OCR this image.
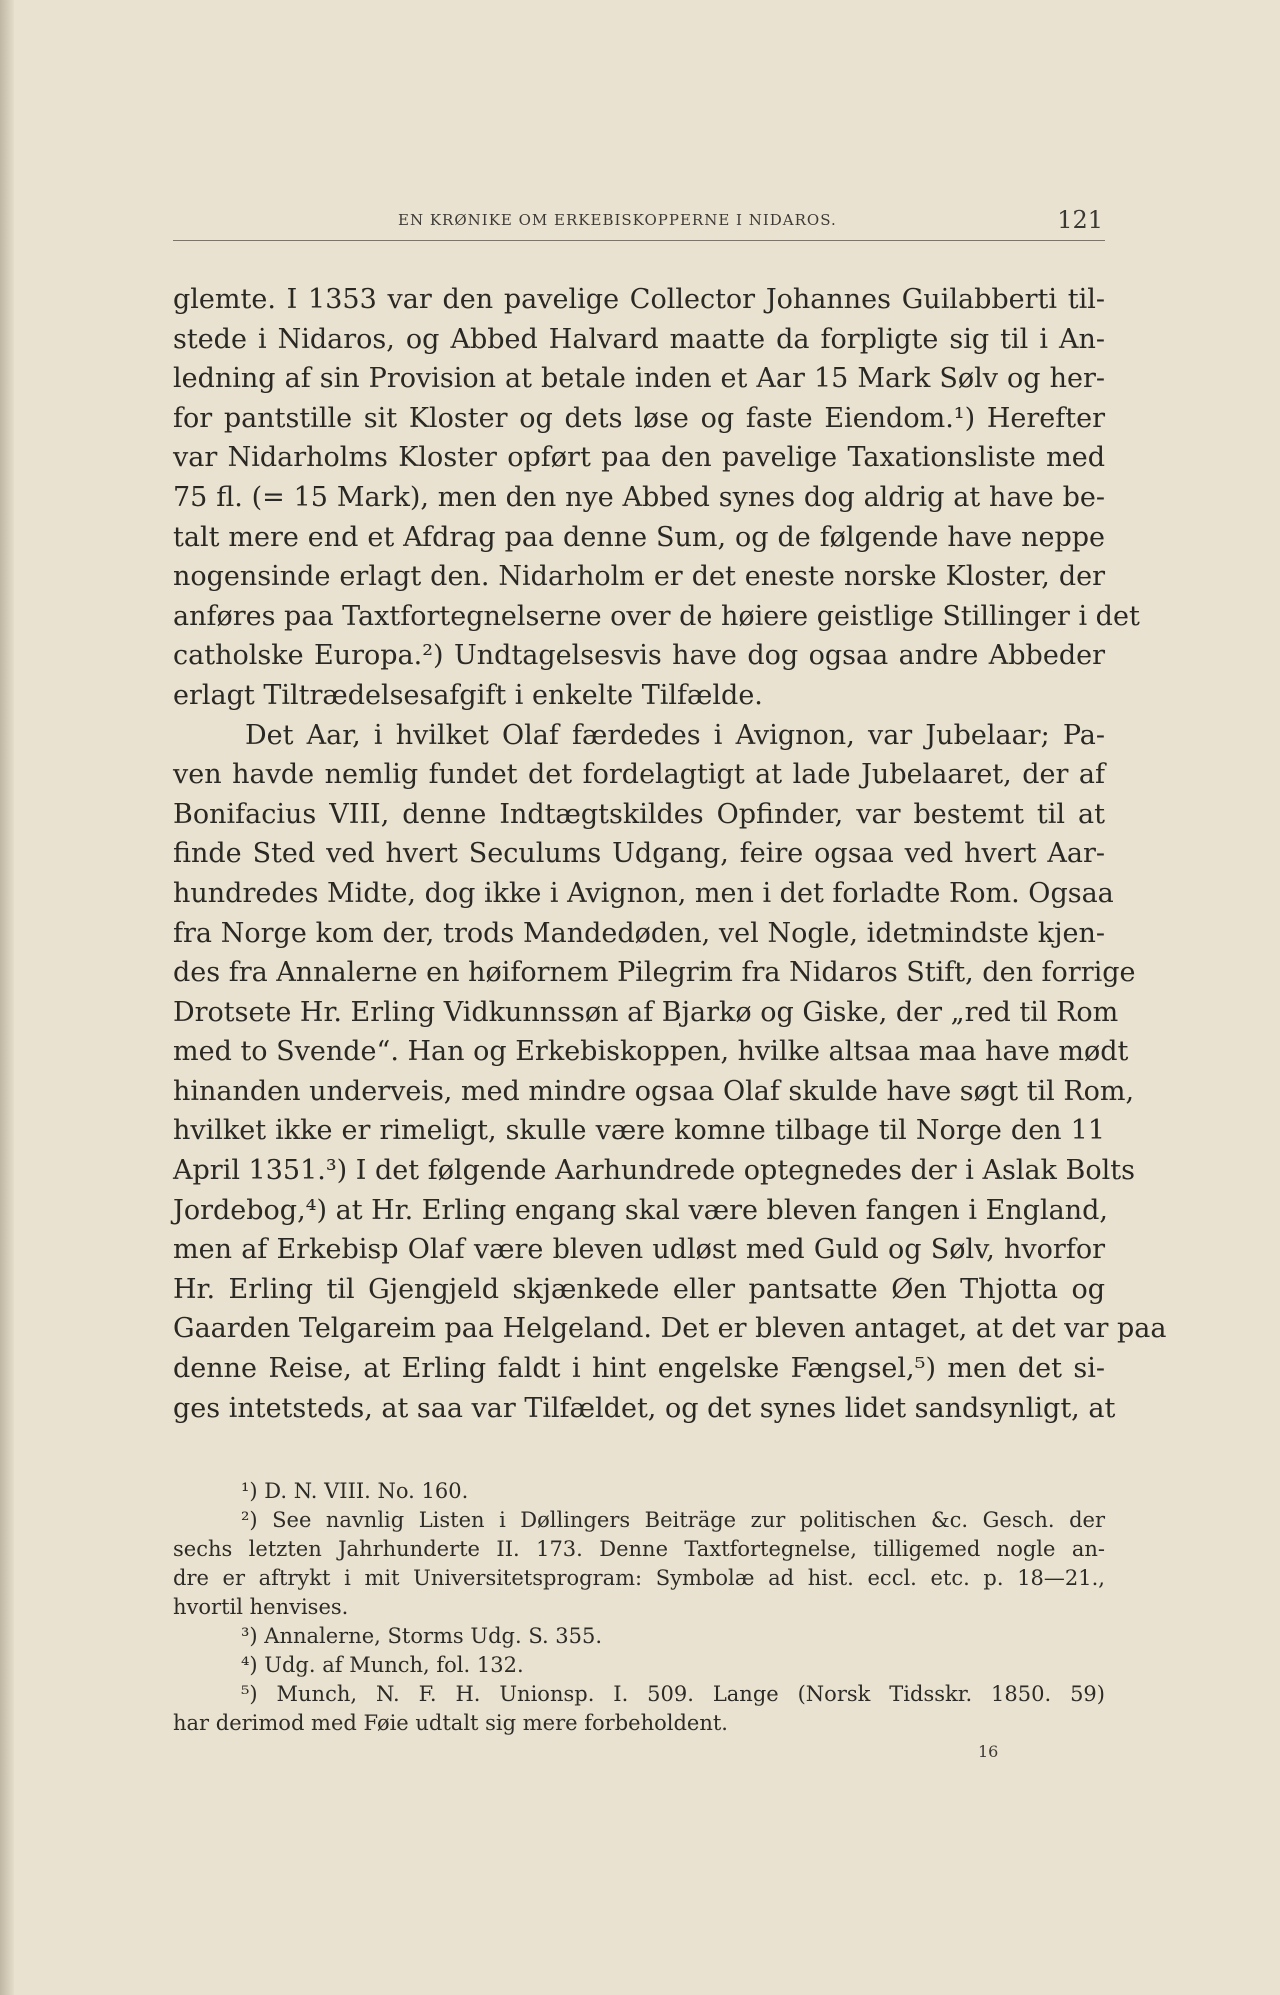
EN KRØNIKE OM ERKEBISKOPPERNE I NIDAROS.	121
glemte. I 1353 var den pavelige Collector Johannes Guilabberti til-
stede i Nidaros, og Abbed Halvard maatte da forpligte sig til i An-
ledning af sin Provision at betale inden et Aar 15 Mark Sølv og her-
for pantstille sit Kloster og dets løse og faste Eiendom.¹) Herefter
var Nidarholms Kloster opført paa den pavelige Taxationsliste med
75 fl. (= 15 Mark), men den nye Abbed synes dog aldrig at have be-
talt mere end et Afdrag paa denne Sum, og de følgende have neppe
nogensinde erlagt den. Nidarholm er det eneste norske Kloster, der
anføres paa Taxtfortegnelserne over de høiere geistlige Stillinger i det
catholske Europa.²) Undtagelsesvis have dog ogsaa andre Abbeder
erlagt Tiltrædelsesafgift i enkelte Tilfælde.
Det Aar, i hvilket Olaf færdedes i Avignon, var Jubelaar; Pa-
ven havde nemlig fundet det fordelagtigt at lade Jubelaaret, der af
Bonifacius VIII, denne Indtægtskildes Opfinder, var bestemt til at
finde Sted ved hvert Seculums Udgang, feire ogsaa ved hvert Aar-
hundredes Midte, dog ikke i Avignon, men i det forladte Rom. Ogsaa
fra Norge kom der, trods Mandedøden, vel Nogle, idetmindste kjen-
des fra Annalerne en høifornem Pilegrim fra Nidaros Stift, den forrige
Drotsete Hr. Erling Vidkunnssøn af Bjarkø og Giske, der „red til Rom
med to Svende“. Han og Erkebiskoppen, hvilke altsaa maa have mødt
hinanden underveis, med mindre ogsaa Olaf skulde have søgt til Rom,
hvilket ikke er rimeligt, skulle være komne tilbage til Norge den 11
April 1351.³) I det følgende Aarhundrede optegnedes der i Aslak Bolts
Jordebog,⁴) at Hr. Erling engang skal være bleven fangen i England,
men af Erkebisp Olaf være bleven udløst med Guld og Sølv, hvorfor
Hr. Erling til Gjengjeld skjænkede eller pantsatte Øen Thjotta og
Gaarden Telgareim paa Helgeland. Det er bleven antaget, at det var paa
denne Reise, at Erling faldt i hint engelske Fængsel,⁵) men det si-
ges intetsteds, at saa var Tilfældet, og det synes lidet sandsynligt, at
¹) D. N. VIII. No. 160.
²) See navnlig Listen i Døllingers Beiträge zur politischen &c. Gesch. der
sechs letzten Jahrhunderte II. 173. Denne Taxtfortegnelse, tilligemed nogle an-
dre er aftrykt i mit Universitetsprogram: Symbolæ ad hist. eccl. etc. p. 18—21.,
hvortil henvises.
³) Annalerne, Storms Udg. S. 355.
⁴) Udg. af Munch, fol. 132.
⁵) Munch, N. F. H. Unionsp. I. 509. Lange (Norsk Tidsskr. 1850. 59)
har derimod med Føie udtalt sig mere forbeholdent.
16
